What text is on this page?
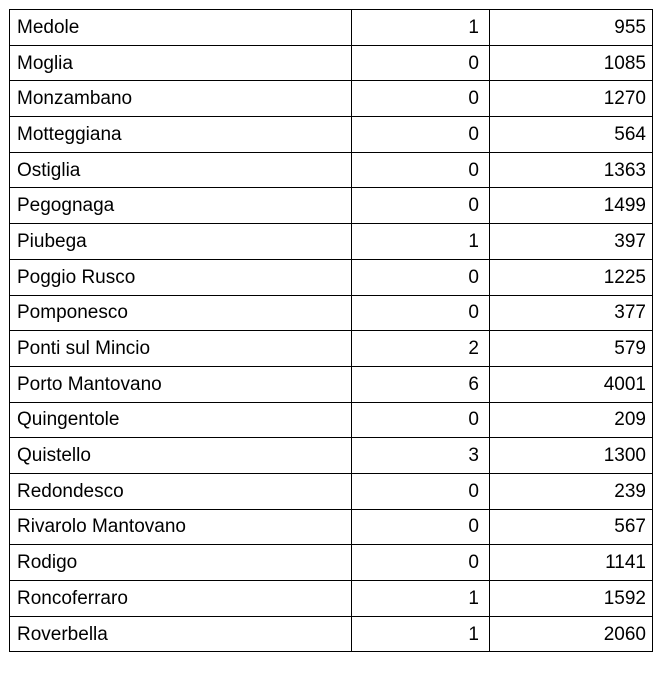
Medole	1	955
Moglia	0	1085
Monzambano	0	1270
Motteggiana	0	564
Ostiglia	0	1363
Pegognaga	0	1499
Piubega	1	397
Poggio Rusco	0	1225
Pomponesco	0	377
Ponti sul Mincio	2	579
Porto Mantovano	6	4001
Quingentole	0	209
Quistello	3	1300
Redondesco	0	239
Rivarolo Mantovano	0	567
Rodigo	0	1141
Roncoferraro	1	1592
Roverbella	1	2060
